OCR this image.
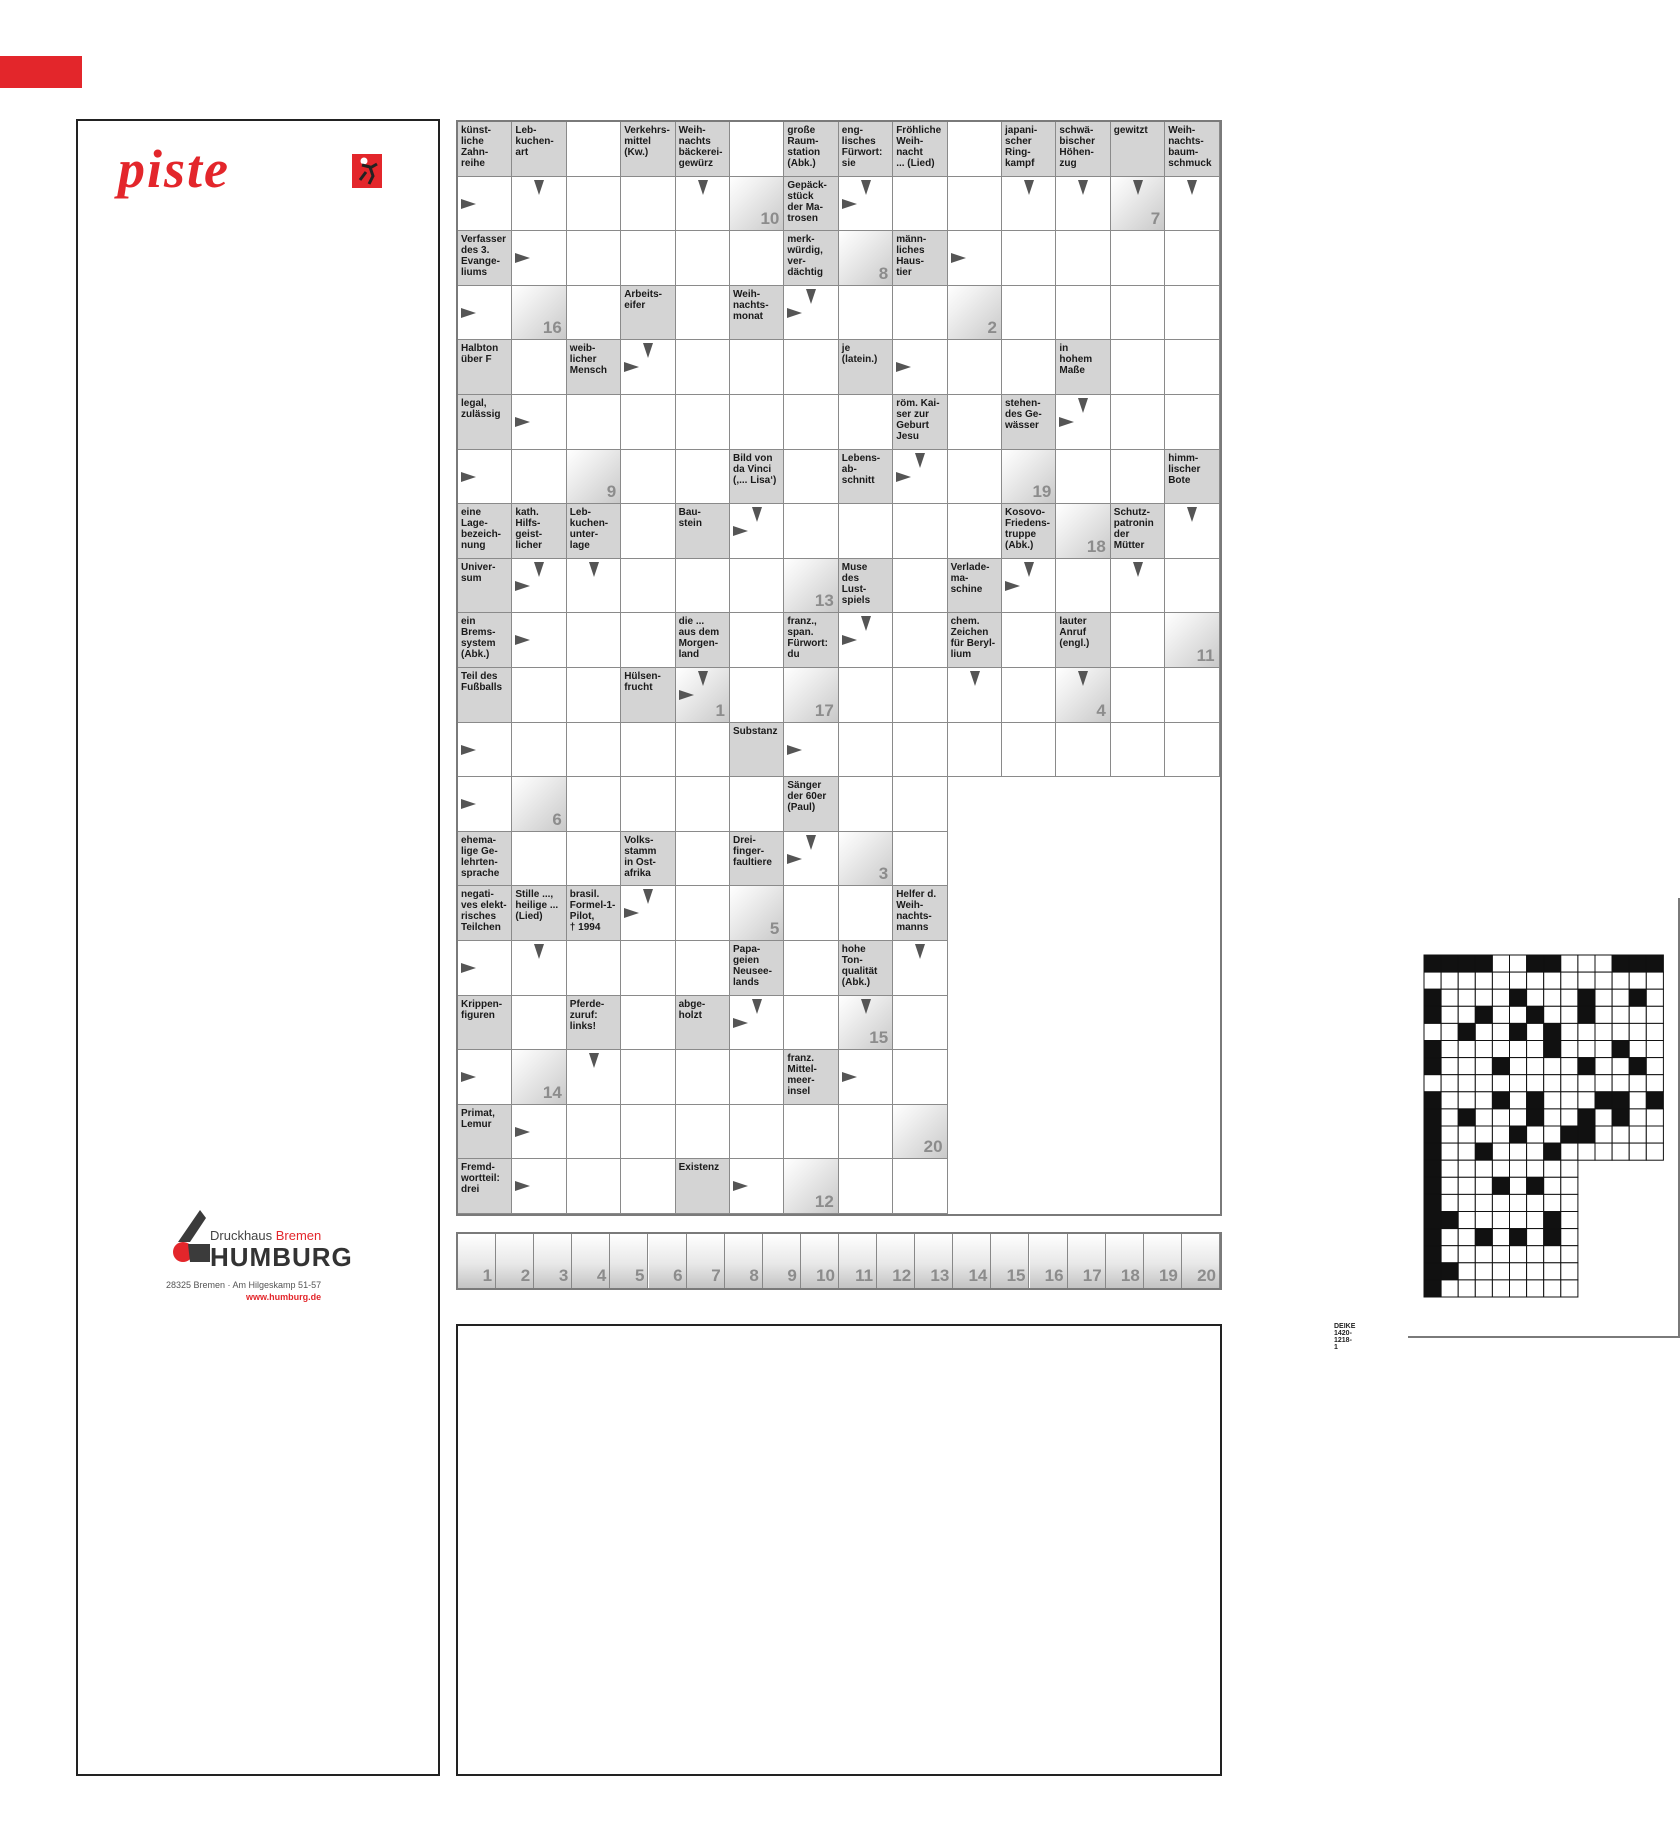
piste
Druckhaus Bremen
HUMBURG
28325 Bremen · Am Hilgeskamp 51-57
www.humburg.de
12
Existenz
Fremd-
wortteil:
drei
20
Primat,
Lemur
franz.
Mittel-
meer-
insel
14
15
abge-
holzt
Pferde-
zuruf:
links!
Krippen-
figuren
hohe
Ton-
qualität
(Abk.)
Papa-
geien
Neusee-
lands
Helfer d.
Weih-
nachts-
manns
5
brasil.
Formel-1-
Pilot,
† 1994
Stille ...,
heilige ...
(Lied)
negati-
ves elekt-
risches
Teilchen
3
Drei-
finger-
faultiere
Volks-
stamm
in Ost-
afrika
ehema-
lige Ge-
lehrten-
sprache
Sänger
der 60er
(Paul)
6
Substanz
4
17
1
Hülsen-
frucht
Teil des
Fußballs
11
lauter
Anruf
(engl.)
chem.
Zeichen
für Beryl-
lium
franz.,
span.
Fürwort:
du
die ...
aus dem
Morgen-
land
ein
Brems-
system
(Abk.)
Verlade-
ma-
schine
Muse
des
Lust-
spiels
13
Univer-
sum
Schutz-
patronin
der
Mütter
18
Kosovo-
Friedens-
truppe
(Abk.)
Bau-
stein
Leb-
kuchen-
unter-
lage
kath.
Hilfs-
geist-
licher
eine
Lage-
bezeich-
nung
himm-
lischer
Bote
19
Lebens-
ab-
schnitt
Bild von
da Vinci
(,... Lisa‘)
9
stehen-
des Ge-
wässer
röm. Kai-
ser zur
Geburt
Jesu
legal,
zulässig
in
hohem
Maße
je
(latein.)
weib-
licher
Mensch
Halbton
über F
2
Weih-
nachts-
monat
Arbeits-
eifer
16
männ-
liches
Haus-
tier
8
merk-
würdig,
ver-
dächtig
Verfasser
des 3.
Evange-
liums
7
Gepäck-
stück
der Ma-
trosen
10
Weih-
nachts-
baum-
schmuck
gewitzt
schwä-
bischer
Höhen-
zug
japani-
scher
Ring-
kampf
Fröhliche
Weih-
nacht
... (Lied)
eng-
lisches
Fürwort:
sie
große
Raum-
station
(Abk.)
Weih-
nachts
bäckerei-
gewürz
Verkehrs-
mittel
(Kw.)
Leb-
kuchen-
art
künst-
liche
Zahn-
reihe
DEIKE 1420-1218-1
1 2 3 4 5 6 7 8 9 10 11 12 13 14 15 16 17 18 19 20
